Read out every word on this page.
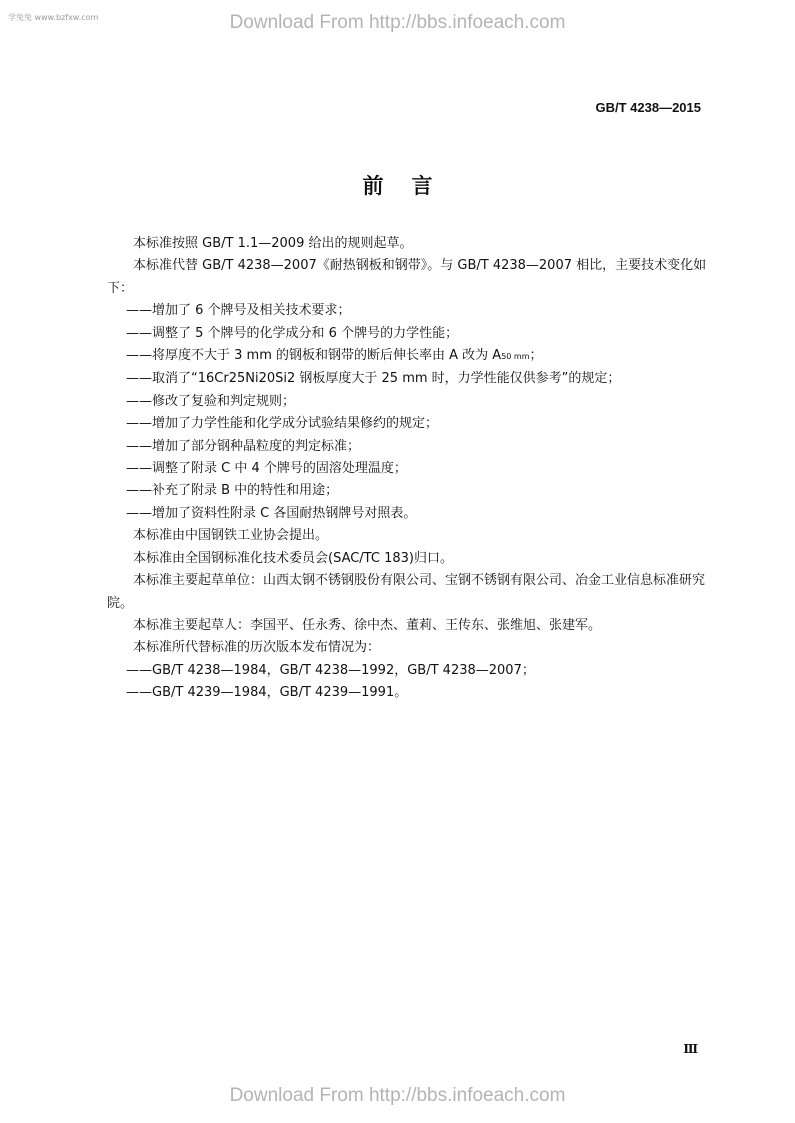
学兔兔 www.bzfxw.com	Download From http://bbs.infoeach.com
GB/T 4238—2015
前言

本标准按照 GB/T 1.1—2009 给出的规则起草。

本标准代替 GB/T 4238—2007《耐热钢板和钢带》。与 GB/T 4238—2007 相比，主要技术变化如下：

——增加了 6 个牌号及相关技术要求；

——调整了 5 个牌号的化学成分和 6 个牌号的力学性能；

——将厚度不大于 3 mm 的钢板和钢带的断后伸长率由 A 改为 A50 mm；

——取消了“16Cr25Ni20Si2 钢板厚度大于 25 mm 时，力学性能仅供参考”的规定；

——修改了复验和判定规则；

——增加了力学性能和化学成分试验结果修约的规定；

——增加了部分钢种晶粒度的判定标准；

——调整了附录 C 中 4 个牌号的固溶处理温度；

——补充了附录 B 中的特性和用途；

——增加了资料性附录 C 各国耐热钢牌号对照表。

本标准由中国钢铁工业协会提出。

本标准由全国钢标准化技术委员会(SAC/TC 183)归口。

本标准主要起草单位：山西太钢不锈钢股份有限公司、宝钢不锈钢有限公司、冶金工业信息标准研究院。

本标准主要起草人：李国平、任永秀、徐中杰、董莉、王传东、张维旭、张建军。

本标准所代替标准的历次版本发布情况为：

——GB/T 4238—1984，GB/T 4238—1992，GB/T 4238—2007；

——GB/T 4239—1984，GB/T 4239—1991。

Ⅲ
Download From http://bbs.infoeach.com
